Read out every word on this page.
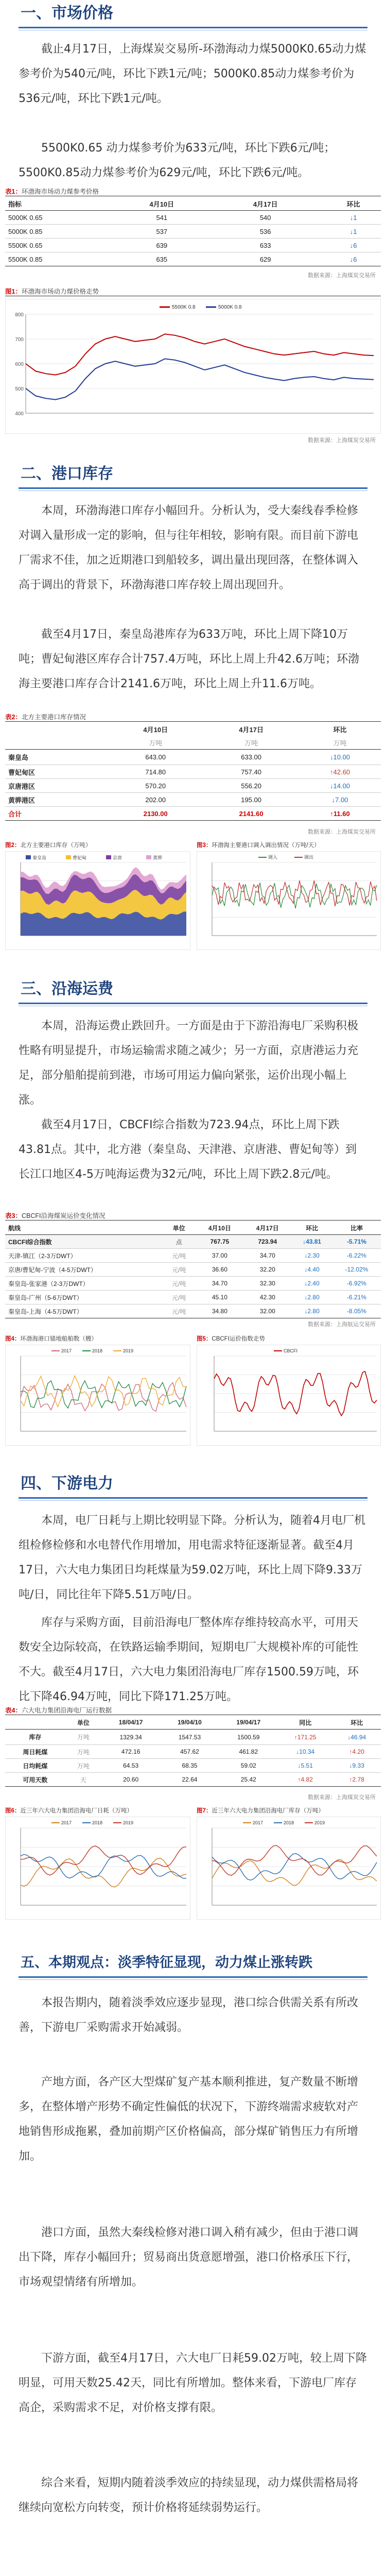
一、市场价格
截止4月17日，上海煤炭交易所-环渤海动力煤5000K0.65动力煤参考价为540元/吨，环比下跌1元/吨；5000K0.85动力煤参考价为536元/吨，环比下跌1元/吨。
5500K0.65 动力煤参考价为633元/吨，环比下跌6元/吨；5500K0.85动力煤参考价为629元/吨，环比下跌6元/吨。
表1：环渤海市场动力煤参考价格
指标	4月10日		4月17日		环比
5000K 0.65	541		540		↓1
5000K 0.85	537		536		↓1
5500K 0.65	639		633		↓6
5500K 0.85	635		629		↓6
数据来源：上海煤炭交易所
图1：环渤海市场动力煤价格走势
800
700
600
500
400
5500K 0.8	5000K 0.8
数据来源：上海煤炭交易所
二、港口库存
本周，环渤海港口库存小幅回升。分析认为，受大秦线春季检修对调入量形成一定的影响，但与往年相较，影响有限。而目前下游电厂需求不佳，加之近期港口到船较多，调出量出现回落，在整体调入高于调出的背景下，环渤海港口库存较上周出现回升。
截至4月17日，秦皇岛港库存为633万吨，环比上周下降10万吨；曹妃甸港区库存合计757.4万吨，环比上周上升42.6万吨；环渤海主要港口库存合计2141.6万吨，环比上周上升11.6万吨。
表2：北方主要港口库存情况
	4月10日	4月17日	环比
	万吨	万吨	万吨
秦皇岛	643.00	633.00	↓10.00
曹妃甸区	714.80	757.40	↑42.60
京唐港区	570.20	556.20	↓14.00
黄骅港区	202.00	195.00	↓7.00
合计	2130.00	2141.60	↑11.60
数据来源：上海煤炭交易所
图2：北方主要港口库存（万吨）	图3：环渤海主要港口调入调出情况（万吨/天）
秦皇岛	曹妃甸	京唐	黄骅	调入	调出
三、沿海运费
本周，沿海运费止跌回升。一方面是由于下游沿海电厂采购积极性略有明显提升，市场运输需求随之减少；另一方面，京唐港运力充足，部分船舶提前到港，市场可用运力偏向紧张，运价出现小幅上涨。
截至4月17日，CBCFI综合指数为723.94点，环比上周下跌43.81点。其中，北方港（秦皇岛、天津港、京唐港、曹妃甸等）到长江口地区4-5万吨海运费为32元/吨，环比上周下跌2.8元/吨。
表3：CBCFI沿海煤炭运价变化情况
航线	单位	4月10日	4月17日	环比	比率
CBCFI综合指数	点	767.75	723.94	↓43.81	-5.71%
天津-镇江（2-3万DWT）	元/吨	37.00	34.70	↓2.30	-6.22%
京唐/曹妃甸-宁波（4-5万DWT）	元/吨	36.60	32.20	↓4.40	-12.02%
秦皇岛-张家港（2-3万DWT）	元/吨	34.70	32.30	↓2.40	-6.92%
秦皇岛-广州（5-6万DWT）	元/吨	45.10	42.30	↓2.80	-6.21%
秦皇岛-上海（4-5万DWT）	元/吨	34.80	32.00	↓2.80	-8.05%
数据来源：上海航运交易所
图4：环渤海港口锚地船舶数（艘）	图5：CBCFI运价指数走势
2017	2018	2019	CBCFI
四、下游电力
本周，电厂日耗与上期比较明显下降。分析认为，随着4月电厂机组检修检修和水电替代作用增加，用电需求特征逐渐显著。截至4月17日，六大电力集团日均耗煤量为59.02万吨，环比上周下降9.33万吨/日，同比往年下降5.51万吨/日。
库存与采购方面，目前沿海电厂整体库存维持较高水平，可用天数安全边际较高，在铁路运输季期间，短期电厂大规模补库的可能性不大。截至4月17日，六大电力集团沿海电厂库存1500.59万吨，环比下降46.94万吨，同比下降171.25万吨。
表4：六大电力集团沿海电厂运行数据
	单位	18/04/17	19/04/10	19/04/17	同比	环比
库存	万吨	1329.34	1547.53	1500.59	↑171.25	↓46.94
周日耗煤	万吨	472.16	457.62	461.82	↓10.34	↑4.20
日均耗煤	万吨	64.53	68.35	59.02	↓5.51	↓9.33
可用天数	天	20.60	22.64	25.42	↑4.82	↑2.78
数据来源：上海煤炭交易所
图6：近三年六大电力集团沿海电厂日耗（万吨）	图7：近三年六大电力集团沿海电厂库存（万吨）
2017	2018	2019	2017	2018	2019
五、本期观点：淡季特征显现，动力煤止涨转跌
本报告期内，随着淡季效应逐步显现，港口综合供需关系有所改善，下游电厂采购需求开始减弱。
产地方面，各产区大型煤矿复产基本顺利推进，复产数量不断增多，在整体增产形势不确定性偏低的状况下，下游终端需求疲软对产地销售形成拖累，叠加前期产区价格偏高，部分煤矿销售压力有所增加。
港口方面，虽然大秦线检修对港口调入稍有减少，但由于港口调出下降，库存小幅回升；贸易商出货意愿增强，港口价格承压下行，市场观望情绪有所增加。
下游方面，截至4月17日，六大电厂日耗59.02万吨，较上周下降明显，可用天数25.42天，同比有所增加。整体来看，下游电厂库存高企，采购需求不足，对价格支撑有限。
综合来看，短期内随着淡季效应的持续显现，动力煤供需格局将继续向宽松方向转变，预计价格将延续弱势运行。
